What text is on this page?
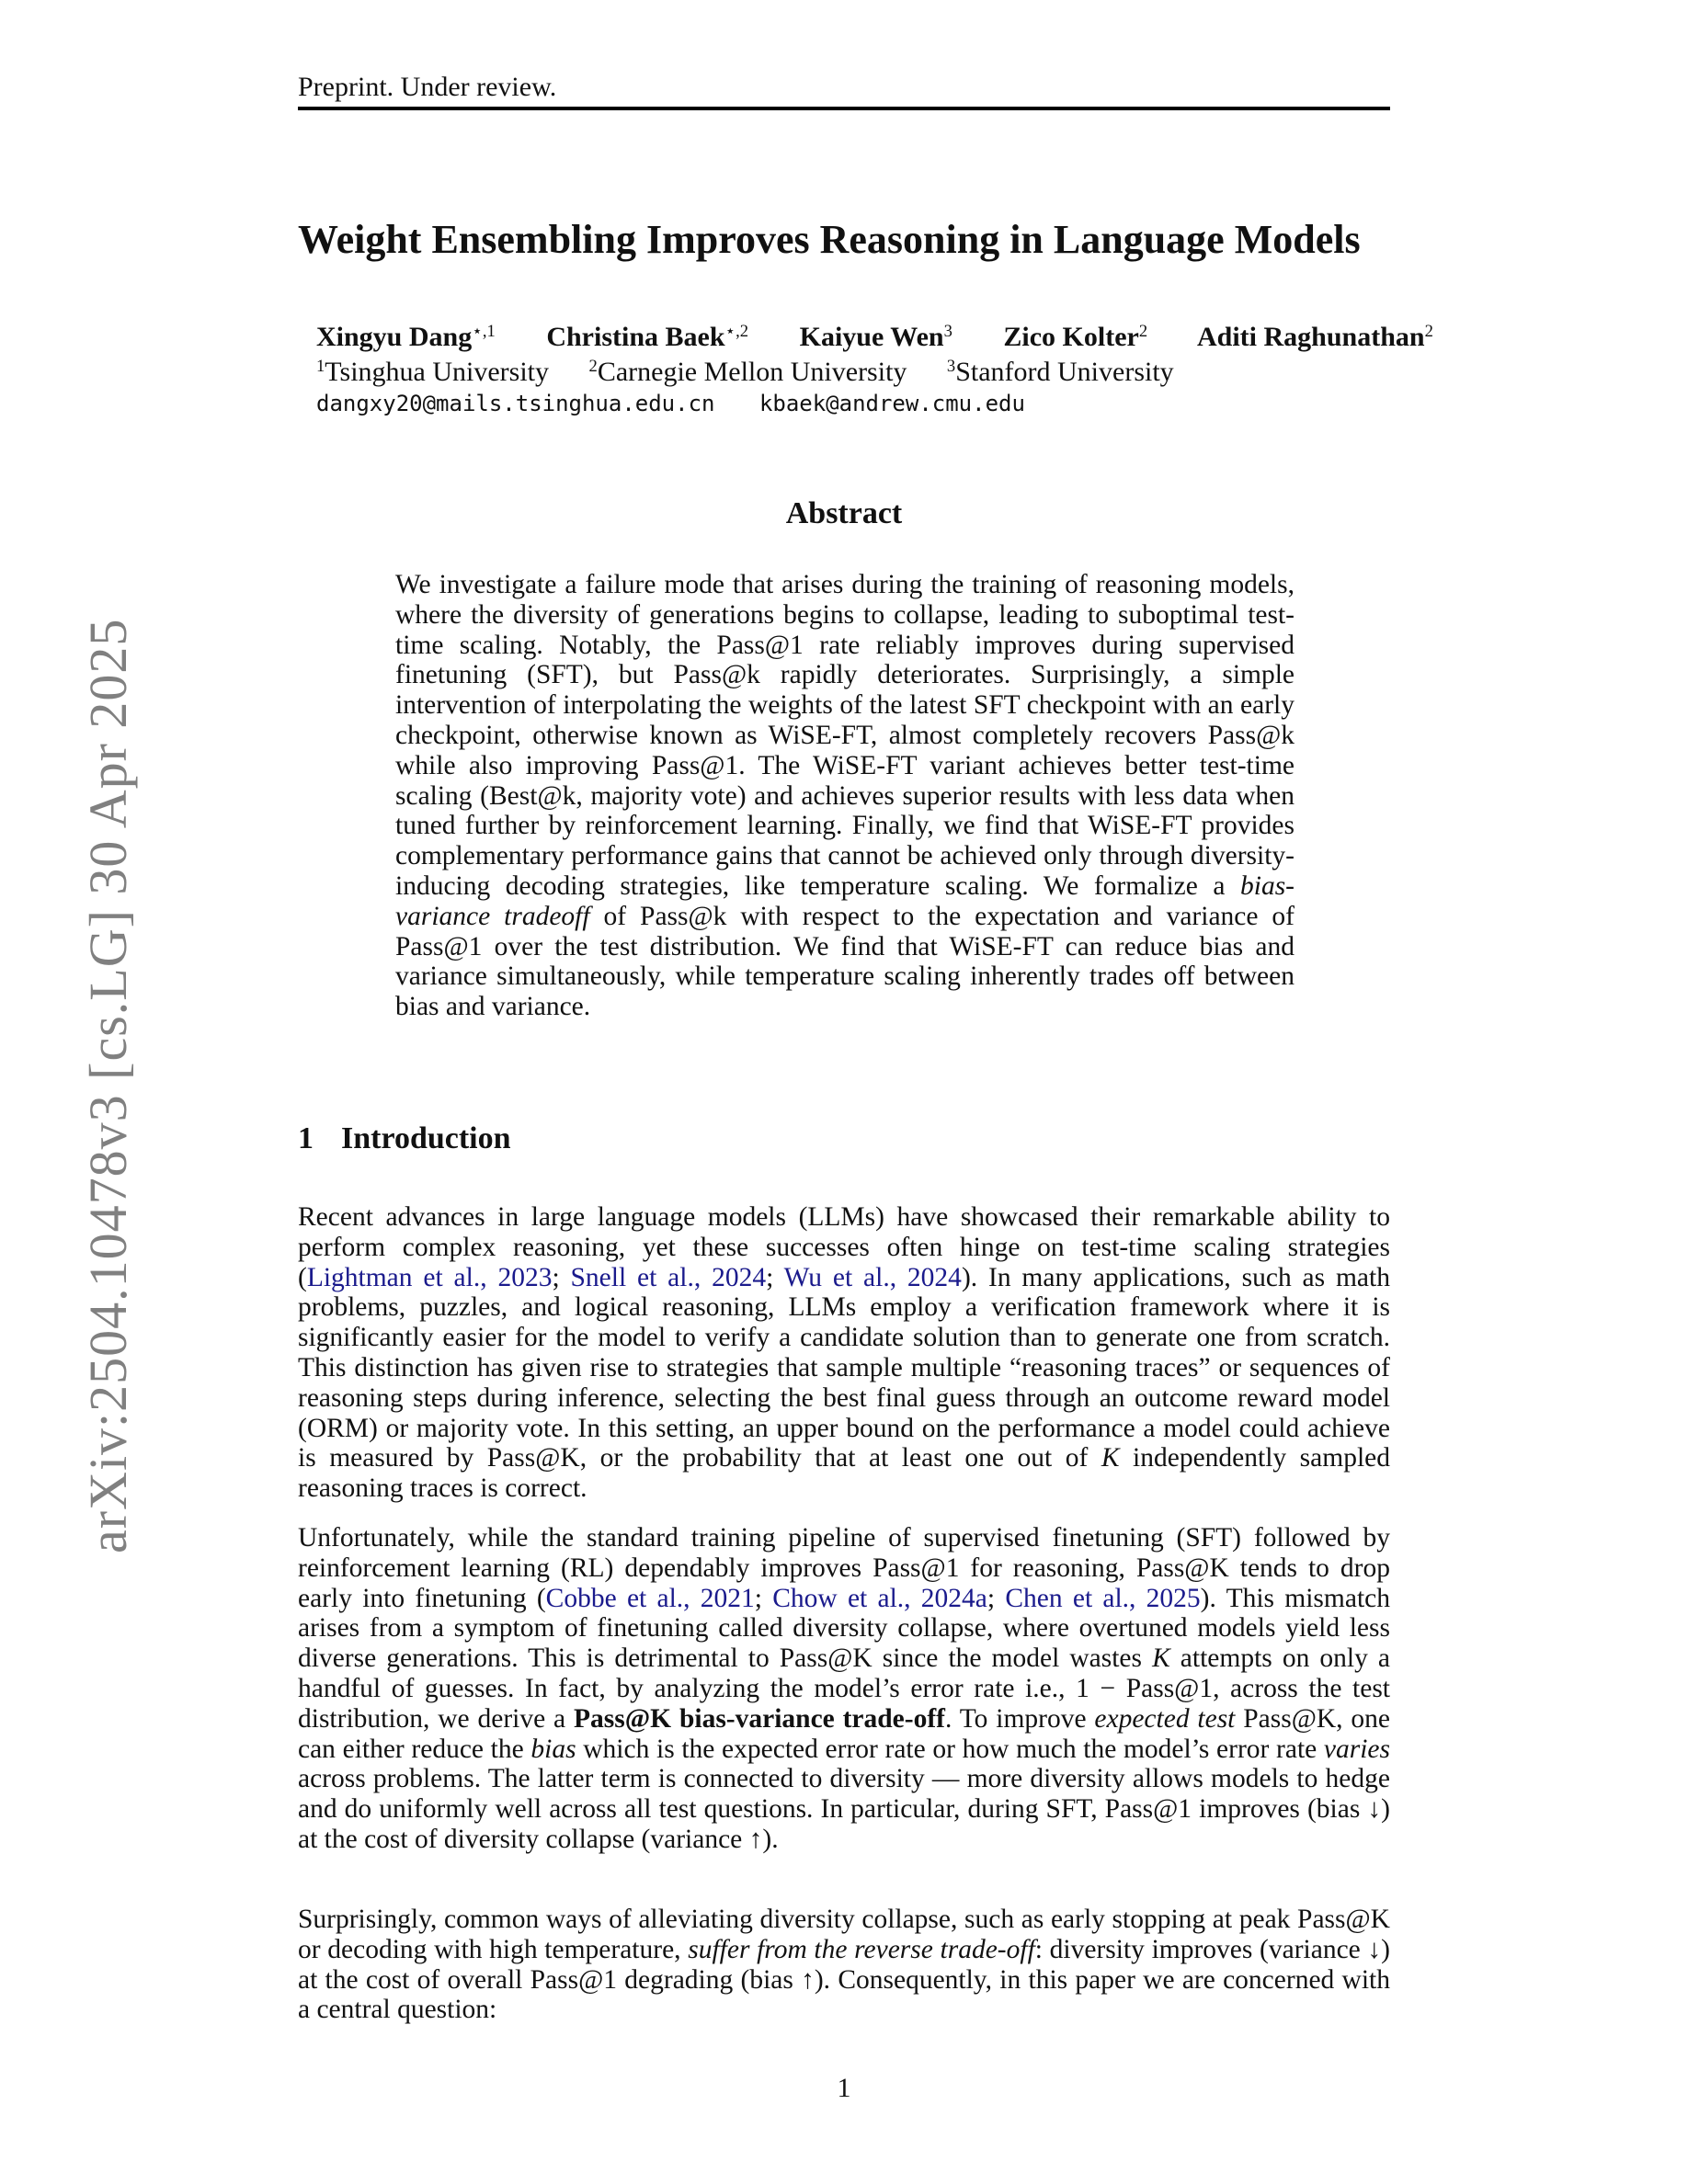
Preprint. Under review.
Weight Ensembling Improves Reasoning in Language Models
Xingyu Dang$^{⋆,1}$ Christina Baek$^{⋆,2}$ Kaiyue Wen$^3$ Zico Kolter$^2$ Aditi Raghunathan$^2$
$^1$Tsinghua University $^2$Carnegie Mellon University $^3$Stanford University
dangxy20@mails.tsinghua.edu.cn kbaek@andrew.cmu.edu
Abstract
We investigate a failure mode that arises during the training of reasoning models, where the diversity of generations begins to collapse, leading to suboptimal test-time scaling. Notably, the Pass@1 rate reliably improves during supervised finetuning (SFT), but Pass@k rapidly deteriorates. Surprisingly, a simple intervention of interpolating the weights of the latest SFT checkpoint with an early checkpoint, otherwise known as WiSE-FT, almost completely recovers Pass@k while also improving Pass@1. The WiSE-FT variant achieves better test-time scaling (Best@k, majority vote) and achieves superior results with less data when tuned further by reinforcement learning. Finally, we find that WiSE-FT provides complementary performance gains that cannot be achieved only through diversity-inducing decoding strategies, like temperature scaling. We formalize a bias-variance tradeoff of Pass@k with respect to the expectation and variance of Pass@1 over the test distribution. We find that WiSE-FT can reduce bias and variance simultaneously, while temperature scaling inherently trades off between bias and variance.
1 Introduction
Recent advances in large language models (LLMs) have showcased their remarkable ability to perform complex reasoning, yet these successes often hinge on test-time scaling strategies (Lightman et al., 2023; Snell et al., 2024; Wu et al., 2024). In many applications, such as math problems, puzzles, and logical reasoning, LLMs employ a verification framework where it is significantly easier for the model to verify a candidate solution than to generate one from scratch. This distinction has given rise to strategies that sample multiple “reasoning traces” or sequences of reasoning steps during inference, selecting the best final guess through an outcome reward model (ORM) or majority vote. In this setting, an upper bound on the performance a model could achieve is measured by Pass@K, or the probability that at least one out of K independently sampled reasoning traces is correct.
Unfortunately, while the standard training pipeline of supervised finetuning (SFT) followed by reinforcement learning (RL) dependably improves Pass@1 for reasoning, Pass@K tends to drop early into finetuning (Cobbe et al., 2021; Chow et al., 2024a; Chen et al., 2025). This mismatch arises from a symptom of finetuning called diversity collapse, where overtuned models yield less diverse generations. This is detrimental to Pass@K since the model wastes K attempts on only a handful of guesses. In fact, by analyzing the model’s error rate i.e., 1 − Pass@1, across the test distribution, we derive a Pass@K bias-variance trade-off. To improve expected test Pass@K, one can either reduce the bias which is the expected error rate or how much the model’s error rate varies across problems. The latter term is connected to diversity — more diversity allows models to hedge and do uniformly well across all test questions. In particular, during SFT, Pass@1 improves (bias ↓) at the cost of diversity collapse (variance ↑).
Surprisingly, common ways of alleviating diversity collapse, such as early stopping at peak Pass@K or decoding with high temperature, suffer from the reverse trade-off: diversity improves (variance ↓) at the cost of overall Pass@1 degrading (bias ↑). Consequently, in this paper we are concerned with a central question:
1
arXiv:2504.10478v3 [cs.LG] 30 Apr 2025
